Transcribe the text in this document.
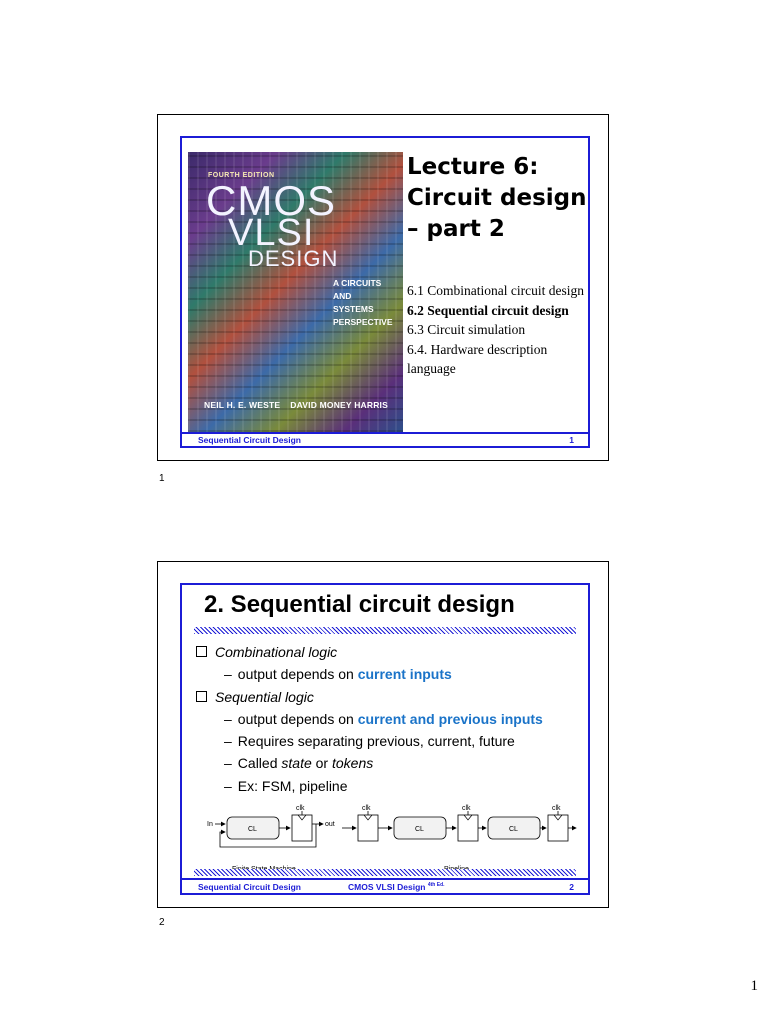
FOURTH EDITION
CMOS
VLSI
DESIGN
A CIRCUITS
AND
SYSTEMS
PERSPECTIVE
NEIL H. E. WESTE DAVID MONEY HARRIS
Lecture 6: Circuit design – part 2
6.1 Combinational circuit design
6.2 Sequential circuit design
6.3 Circuit simulation
6.4. Hardware description language
Sequential Circuit Design	1
1
2. Sequential circuit design
Combinational logic
– output depends on current inputs
Sequential logic
– output depends on current and previous inputs
– Requires separating previous, current, future
– Called state or tokens
– Ex: FSM, pipeline
In
CL
clk
out
clk
CL
clk
CL
clk
Sequential Circuit Design	CMOS VLSI Design $^{4th Ed.}$	2
2
1
